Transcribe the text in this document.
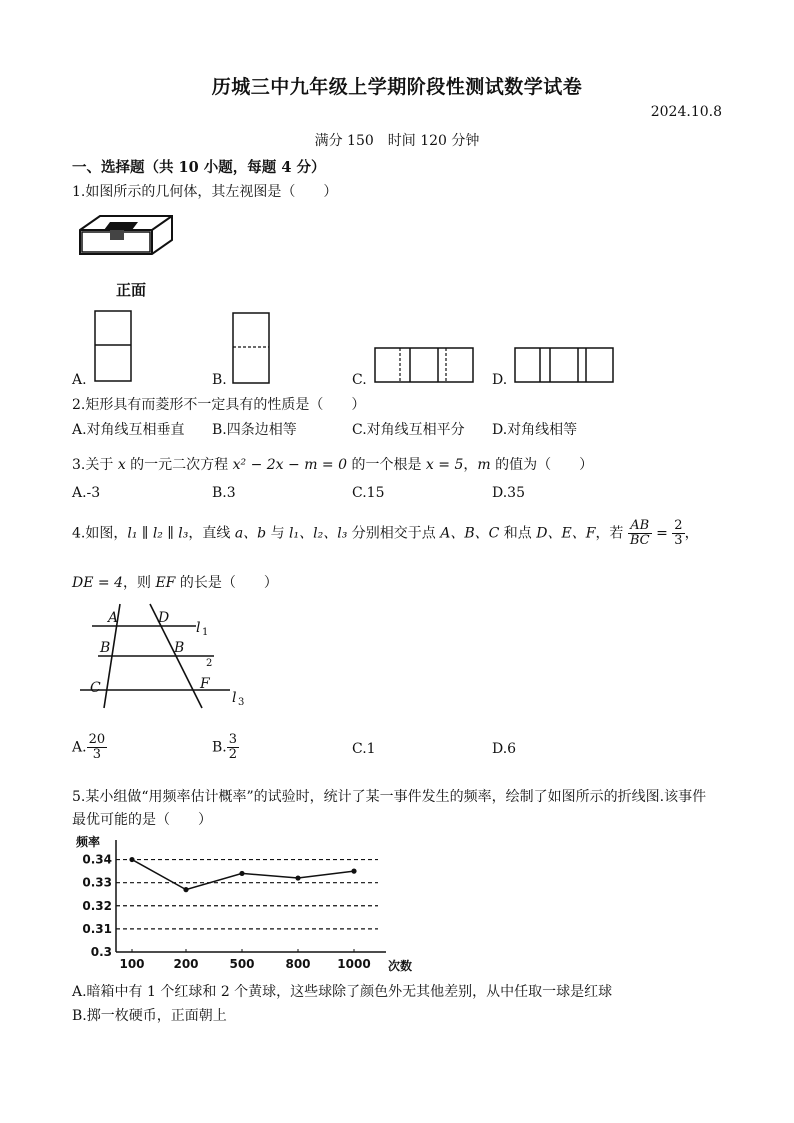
历城三中九年级上学期阶段性测试数学试卷
2024.10.8
满分 150　时间 120 分钟
一、选择题（共 10 小题，每题 4 分）
1.如图所示的几何体，其左视图是（　　）
正面
A.	B.	C.	D.
2.矩形具有而菱形不一定具有的性质是（　　）
A.对角线互相垂直 B.四条边相等	C.对角线互相平分 D.对角线相等
3.关于 x 的一元二次方程 x² − 2x − m = 0 的一个根是 x = 5，m 的值为（　　）
A.-3	B.3	C.15	D.35
4.如图，l₁ ∥ l₂ ∥ l₃，直线 a、b 与 l₁、l₂、l₃ 分别相交于点 A、B、C 和点 D、E、F，若 $\frac{AB}{BC} = \frac{2}{3}$ ，
DE = 4，则 EF 的长是（　　）
A	D
l 1
B	B
2
C	F
l 3
A. $\frac{20}{3}$	B. $\frac{3}{2}$	C.1	D.6
5.某小组做“用频率估计概率”的试验时，统计了某一事件发生的频率，绘制了如图所示的折线图.该事件
最优可能的是（　　）
0.34
0.33
0.32
0.31
0.3
100 200	500	800 1000
频率
次数
A.暗箱中有 1 个红球和 2 个黄球，这些球除了颜色外无其他差别，从中任取一球是红球
B.掷一枚硬币，正面朝上
